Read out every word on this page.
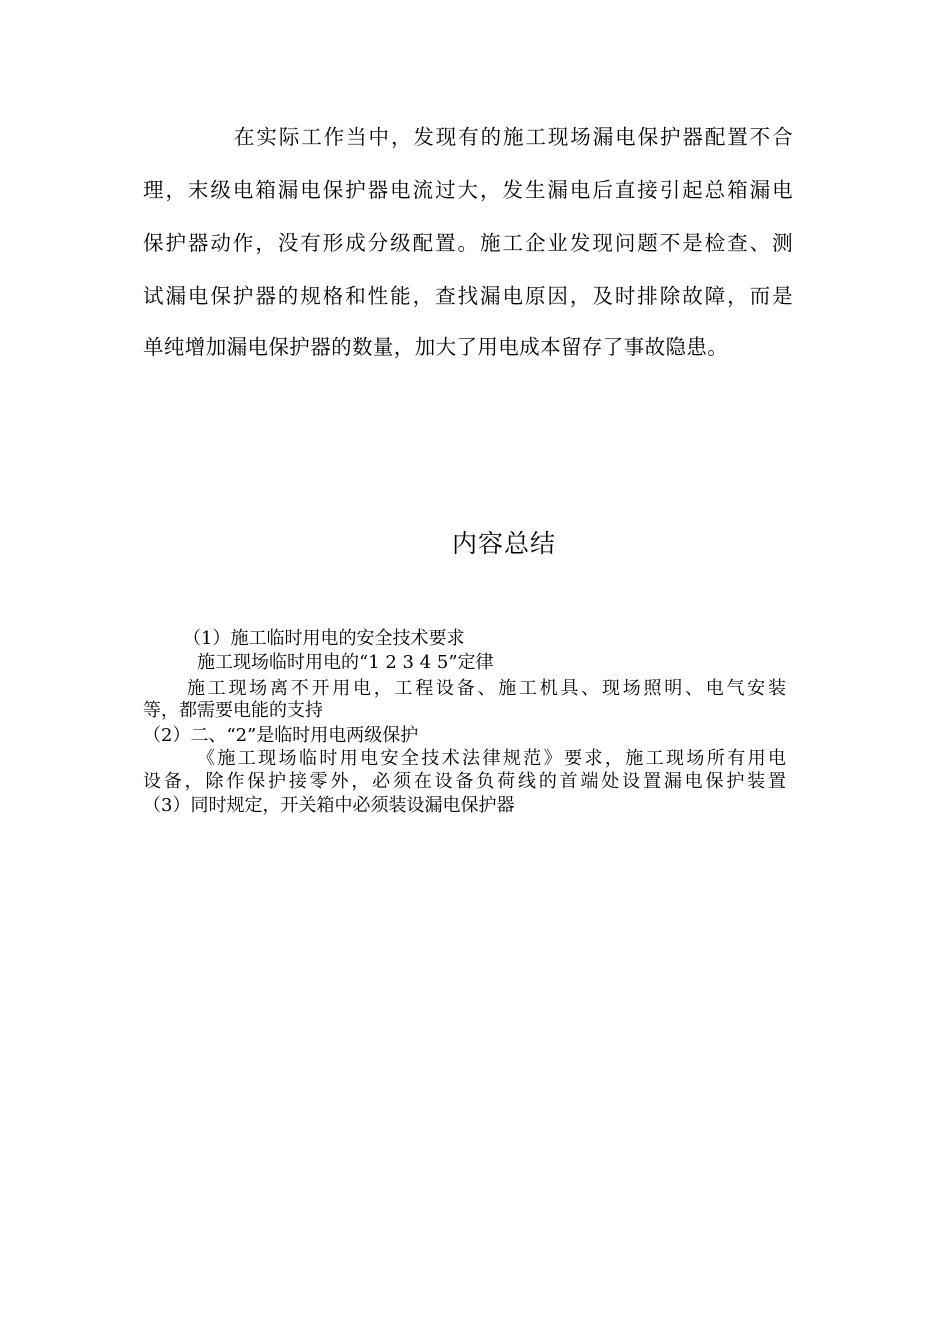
在实际工作当中，发现有的施工现场漏电保护器配置不合
理，末级电箱漏电保护器电流过大，发生漏电后直接引起总箱漏电
保护器动作，没有形成分级配置。施工企业发现问题不是检查、测
试漏电保护器的规格和性能，查找漏电原因，及时排除故障，而是
单纯增加漏电保护器的数量，加大了用电成本留存了事故隐患。
内容总结
（1）施工临时用电的安全技术要求
施工现场临时用电的“1 2 3 4 5”定律
施工现场离不开用电，工程设备、施工机具、现场照明、电气安装
等，都需要电能的支持
（2）二、“2”是临时用电两级保护
《施工现场临时用电安全技术法律规范》要求，施工现场所有用电
设备，除作保护接零外，必须在设备负荷线的首端处设置漏电保护装置
（3）同时规定，开关箱中必须装设漏电保护器
